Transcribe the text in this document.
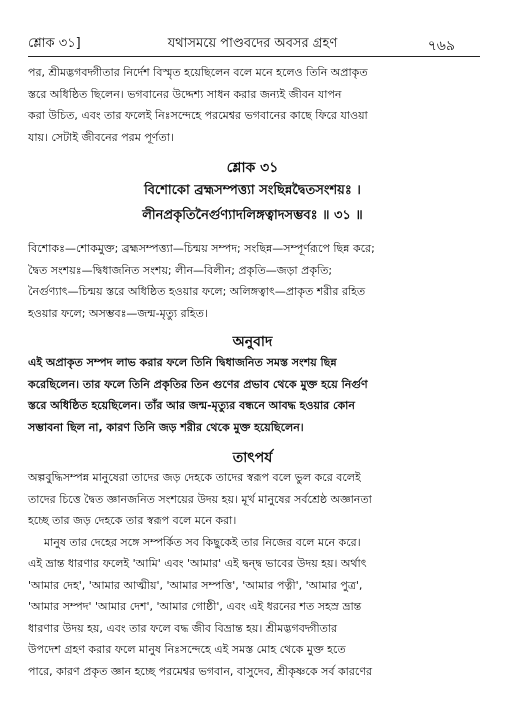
শ্লোক ৩১]	যথাসময়ে পাণ্ডবদের অবসর গ্রহণ	৭৬৯
পর, শ্রীমদ্ভগবদ্গীতার নির্দেশ বিস্মৃত হয়েছিলেন বলে মনে হলেও তিনি অপ্রাকৃত
স্তরে অধিষ্ঠিত ছিলেন। ভগবানের উদ্দেশ্য সাধন করার জন্যই জীবন যাপন
করা উচিত, এবং তার ফলেই নিঃসন্দেহে পরমেশ্বর ভগবানের কাছে ফিরে যাওয়া
যায়। সেটাই জীবনের পরম পূর্ণতা।
শ্লোক ৩১
বিশোকো ব্রহ্মসম্পত্ত্যা সংছিন্নদ্বৈতসংশয়ঃ ।
লীনপ্রকৃতিনৈর্গুণ্যাদলিঙ্গত্বাদসম্ভবঃ ॥ ৩১ ॥
বিশোকঃ—শোকমুক্ত; ব্রহ্মসম্পত্ত্যা—চিন্ময় সম্পদ; সংছিন্ন—সম্পূর্ণরূপে ছিন্ন করে;
দ্বৈত সংশয়ঃ—দ্বিধাজনিত সংশয়; লীন—বিলীন; প্রকৃতি—জড়া প্রকৃতি;
নৈর্গুণ্যাৎ—চিন্ময় স্তরে অধিষ্ঠিত হওয়ার ফলে; অলিঙ্গত্বাৎ—প্রাকৃত শরীর রহিত
হওয়ার ফলে; অসম্ভবঃ—জন্ম-মৃত্যু রহিত।
অনুবাদ
এই অপ্রাকৃত সম্পদ লাভ করার ফলে তিনি দ্বিধাজনিত সমস্ত সংশয় ছিন্ন
করেছিলেন। তার ফলে তিনি প্রকৃতির তিন গুণের প্রভাব থেকে মুক্ত হয়ে নির্গুণ
স্তরে অধিষ্ঠিত হয়েছিলেন। তাঁর আর জন্ম-মৃত্যুর বন্ধনে আবদ্ধ হওয়ার কোন
সম্ভাবনা ছিল না, কারণ তিনি জড় শরীর থেকে মুক্ত হয়েছিলেন।
তাৎপর্য
অল্পবুদ্ধিসম্পন্ন মানুষেরা তাদের জড় দেহকে তাদের স্বরূপ বলে ভুল করে বলেই
তাদের চিত্তে দ্বৈত জ্ঞানজনিত সংশয়ের উদয় হয়। মূর্খ মানুষের সর্বশ্রেষ্ঠ অজ্ঞানতা
হচ্ছে তার জড় দেহকে তার স্বরূপ বলে মনে করা।
মানুষ তার দেহের সঙ্গে সম্পর্কিত সব কিছুকেই তার নিজের বলে মনে করে।
এই ভ্রান্ত ধারণার ফলেই 'আমি' এবং 'আমার' এই দ্বন্দ্ব ভাবের উদয় হয়। অর্থাৎ
'আমার দেহ', 'আমার আত্মীয়', 'আমার সম্পত্তি', 'আমার পত্নী', 'আমার পুত্র',
'আমার সম্পদ' 'আমার দেশ', 'আমার গোষ্ঠী', এবং এই ধরনের শত সহস্র ভ্রান্ত
ধারণার উদয় হয়, এবং তার ফলে বদ্ধ জীব বিভ্রান্ত হয়। শ্রীমদ্ভগবদ্গীতার
উপদেশ গ্রহণ করার ফলে মানুষ নিঃসন্দেহে এই সমস্ত মোহ থেকে মুক্ত হতে
পারে, কারণ প্রকৃত জ্ঞান হচ্ছে পরমেশ্বর ভগবান, বাসুদেব, শ্রীকৃষ্ণকে সর্ব কারণের
